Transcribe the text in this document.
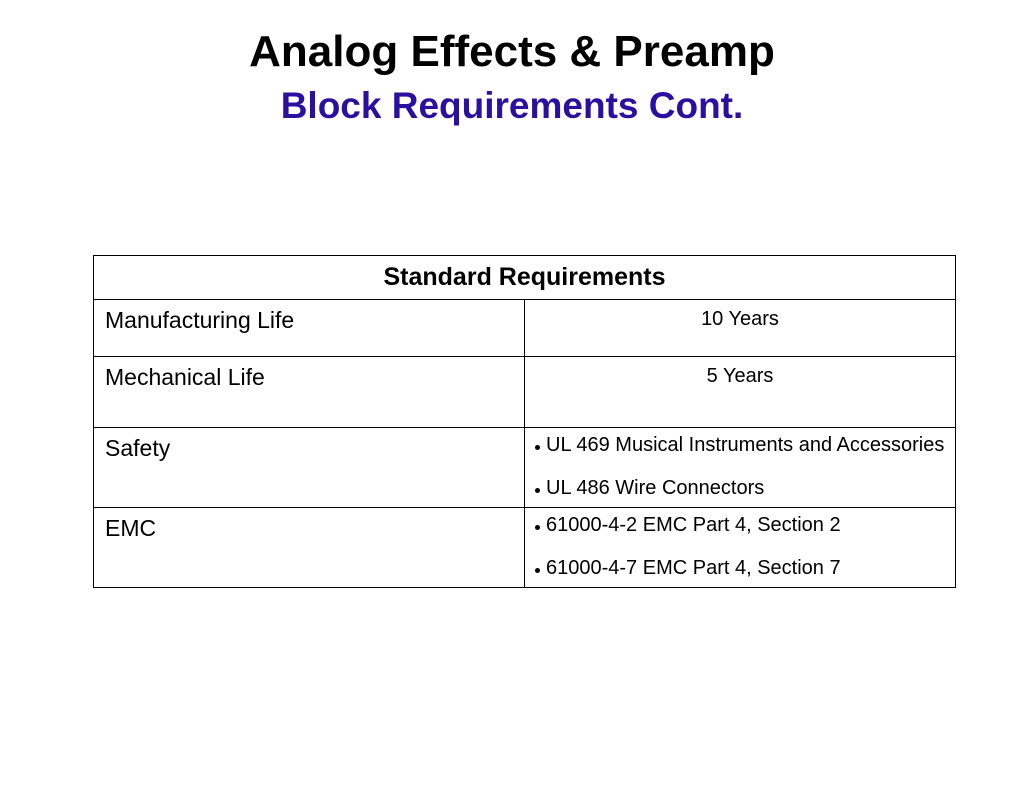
Analog Effects & Preamp
Block Requirements Cont.
Standard Requirements	
Manufacturing Life	10 Years
Mechanical Life	5 Years
Safety	UL 469 Musical Instruments and Accessories
UL 486 Wire Connectors

EMC	61000-4-2 EMC Part 4, Section 2
61000-4-7 EMC Part 4, Section 7
